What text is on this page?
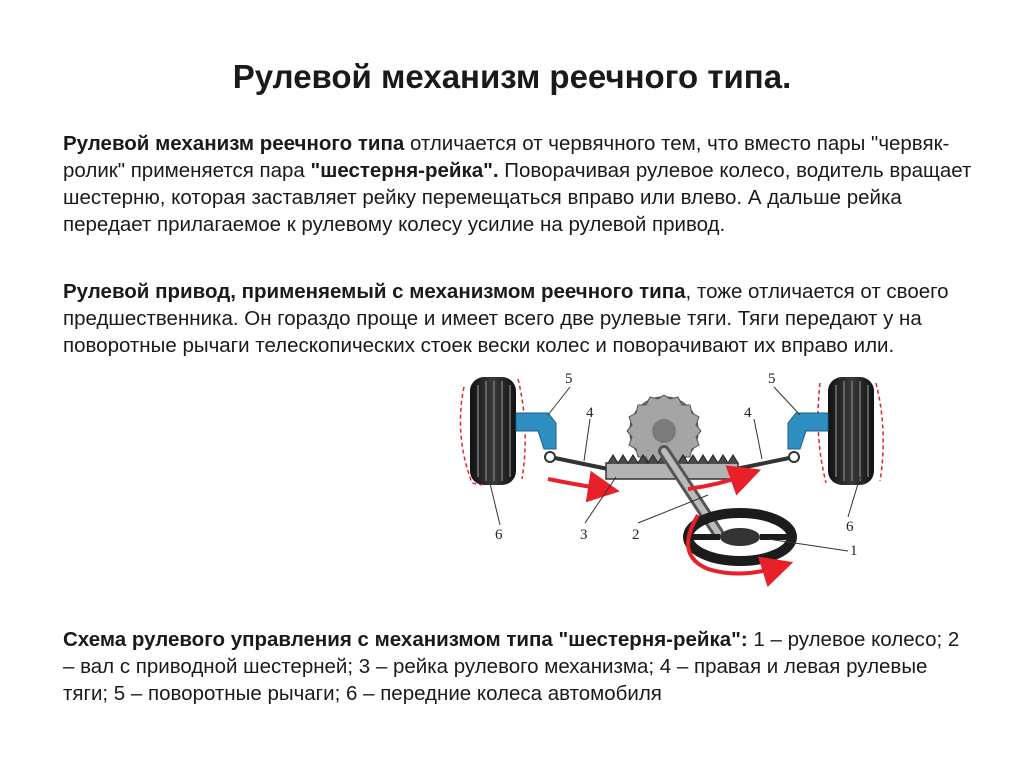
Рулевой механизм реечного типа.

Рулевой механизм реечного типа отличается от червячного тем, что вместо пары "червяк-ролик" применяется пара "шестерня-рейка". Поворачивая рулевое колесо, водитель вращает шестерню, которая заставляет рейку перемещаться вправо или влево. А дальше рейка передает прилагаемое к рулевому колесу усилие на рулевой привод.

Рулевой привод, применяемый с механизмом реечного типа, тоже отличается от своего предшественника. Он гораздо проще и имеет всего две рулевые тяги. Тяги передают у на поворотные рычаги телескопических стоек вески колес и поворачивают их вправо или.

5
4
6	3	2
5
4
6
1

Схема рулевого управления с механизмом типа "шестерня-рейка": 1 – рулевое колесо; 2 – вал с приводной шестерней; 3 – рейка рулевого механизма; 4 – правая и левая рулевые тяги; 5 – поворотные рычаги; 6 – передние колеса автомобиля
